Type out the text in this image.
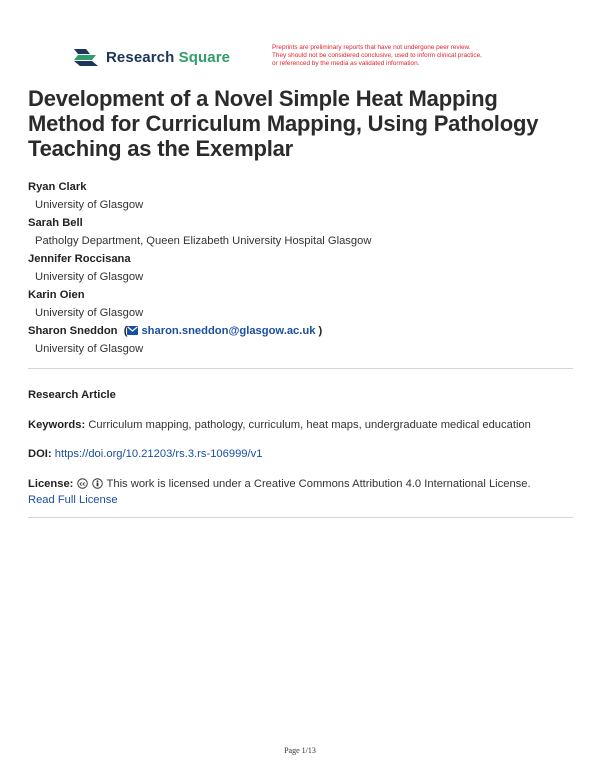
Research Square
Preprints are preliminary reports that have not undergone peer review.
They should not be considered conclusive, used to inform clinical practice,
or referenced by the media as validated information.
Development of a Novel Simple Heat Mapping Method for Curriculum Mapping, Using Pathology Teaching as the Exemplar
Ryan Clark
University of Glasgow
Sarah Bell
Patholgy Department, Queen Elizabeth University Hospital Glasgow
Jennifer Roccisana
University of Glasgow
Karin Oien
University of Glasgow
Sharon Sneddon  ( sharon.sneddon@glasgow.ac.uk )
University of Glasgow
Research Article
Keywords: Curriculum mapping, pathology, curriculum, heat maps, undergraduate medical education
DOI: https://doi.org/10.21203/rs.3.rs-106999/v1
License: cc This work is licensed under a Creative Commons Attribution 4.0 International License.
Read Full License
Page 1/13
